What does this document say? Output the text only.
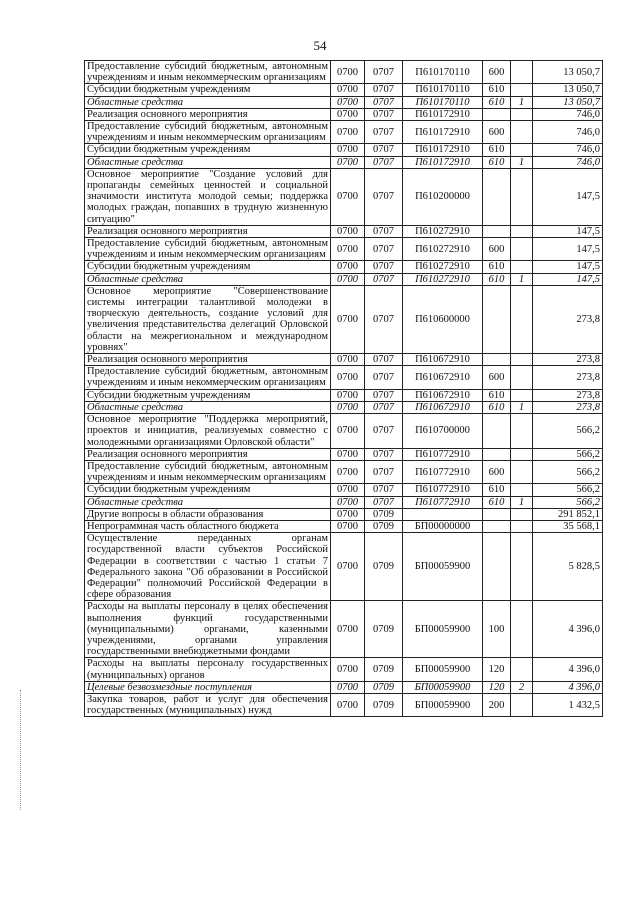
54
Предоставление субсидий бюджетным, автономным учреждениям и иным некоммерческим организациям	0700	0707	П610170110	600		13 050,7
Субсидии бюджетным учреждениям	0700	0707	П610170110	610		13 050,7
Областные средства	0700	0707	П610170110	610	1	13 050,7
Реализация основного мероприятия	0700	0707	П610172910			746,0
Предоставление субсидий бюджетным, автономным учреждениям и иным некоммерческим организациям	0700	0707	П610172910	600		746,0
Субсидии бюджетным учреждениям	0700	0707	П610172910	610		746,0
Областные средства	0700	0707	П610172910	610	1	746,0
Основное мероприятие "Создание условий для пропаганды семейных ценностей и социальной значимости института молодой семьи; поддержка молодых граждан, попавших в трудную жизненную ситуацию"	0700	0707	П610200000			147,5
Реализация основного мероприятия	0700	0707	П610272910			147,5
Предоставление субсидий бюджетным, автономным учреждениям и иным некоммерческим организациям	0700	0707	П610272910	600		147,5
Субсидии бюджетным учреждениям	0700	0707	П610272910	610		147,5
Областные средства	0700	0707	П610272910	610	1	147,5
Основное мероприятие "Совершенствование системы интеграции талантливой молодежи в творческую деятельность, создание условий для увеличения представительства делегаций Орловской области на межрегиональном и международном уровнях"	0700	0707	П610600000			273,8
Реализация основного мероприятия	0700	0707	П610672910			273,8
Предоставление субсидий бюджетным, автономным учреждениям и иным некоммерческим организациям	0700	0707	П610672910	600		273,8
Субсидии бюджетным учреждениям	0700	0707	П610672910	610		273,8
Областные средства	0700	0707	П610672910	610	1	273,8
Основное мероприятие "Поддержка мероприятий, проектов и инициатив, реализуемых совместно с молодежными организациями Орловской области"	0700	0707	П610700000			566,2
Реализация основного мероприятия	0700	0707	П610772910			566,2
Предоставление субсидий бюджетным, автономным учреждениям и иным некоммерческим организациям	0700	0707	П610772910	600		566,2
Субсидии бюджетным учреждениям	0700	0707	П610772910	610		566,2
Областные средства	0700	0707	П610772910	610	1	566,2
Другие вопросы в области образования	0700	0709				291 852,1
Непрограммная часть областного бюджета	0700	0709	БП00000000			35 568,1
Осуществление переданных органам государственной власти субъектов Российской Федерации в соответствии с частью 1 статьи 7 Федерального закона "Об образовании в Российской Федерации" полномочий Российской Федерации в сфере образования	0700	0709	БП00059900			5 828,5
Расходы на выплаты персоналу в целях обеспечения выполнения функций государственными (муниципальными) органами, казенными учреждениями, органами управления государственными внебюджетными фондами	0700	0709	БП00059900	100		4 396,0
Расходы на выплаты персоналу государственных (муниципальных) органов	0700	0709	БП00059900	120		4 396,0
Целевые безвозмездные поступления	0700	0709	БП00059900	120	2	4 396,0
Закупка товаров, работ и услуг для обеспечения государственных (муниципальных) нужд	0700	0709	БП00059900	200		1 432,5
